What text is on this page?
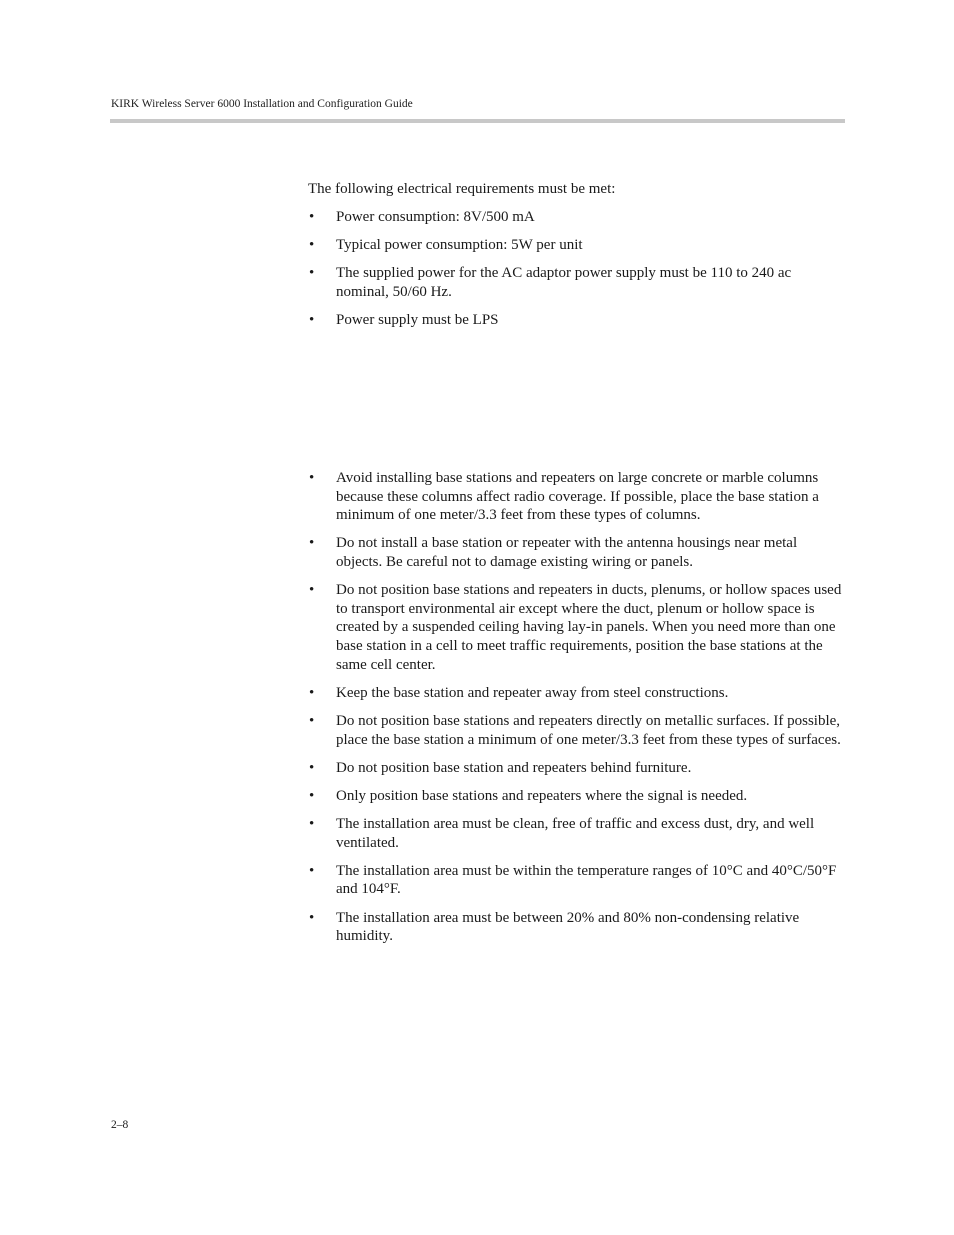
KIRK Wireless Server 6000 Installation and Configuration Guide

The following electrical requirements must be met:

• Power consumption: 8V/500 mA
• Typical power consumption: 5W per unit
• The supplied power for the AC adaptor power supply must be 110 to 240 ac nominal, 50/60 Hz.
• Power supply must be LPS
• Avoid installing base stations and repeaters on large concrete or marble columns because these columns affect radio coverage. If possible, place the base station a minimum of one meter/3.3 feet from these types of columns.
• Do not install a base station or repeater with the antenna housings near metal objects. Be careful not to damage existing wiring or panels.
• Do not position base stations and repeaters in ducts, plenums, or hollow spaces used to transport environmental air except where the duct, plenum or hollow space is created by a suspended ceiling having lay-in panels. When you need more than one base station in a cell to meet traffic requirements, position the base stations at the same cell center.
• Keep the base station and repeater away from steel constructions.
• Do not position base stations and repeaters directly on metallic surfaces. If possible, place the base station a minimum of one meter/3.3 feet from these types of surfaces.
• Do not position base station and repeaters behind furniture.
• Only position base stations and repeaters where the signal is needed.
• The installation area must be clean, free of traffic and excess dust, dry, and well ventilated.
• The installation area must be within the temperature ranges of 10°C and 40°C/50°F and 104°F.
• The installation area must be between 20% and 80% non-condensing relative humidity.
2–8
